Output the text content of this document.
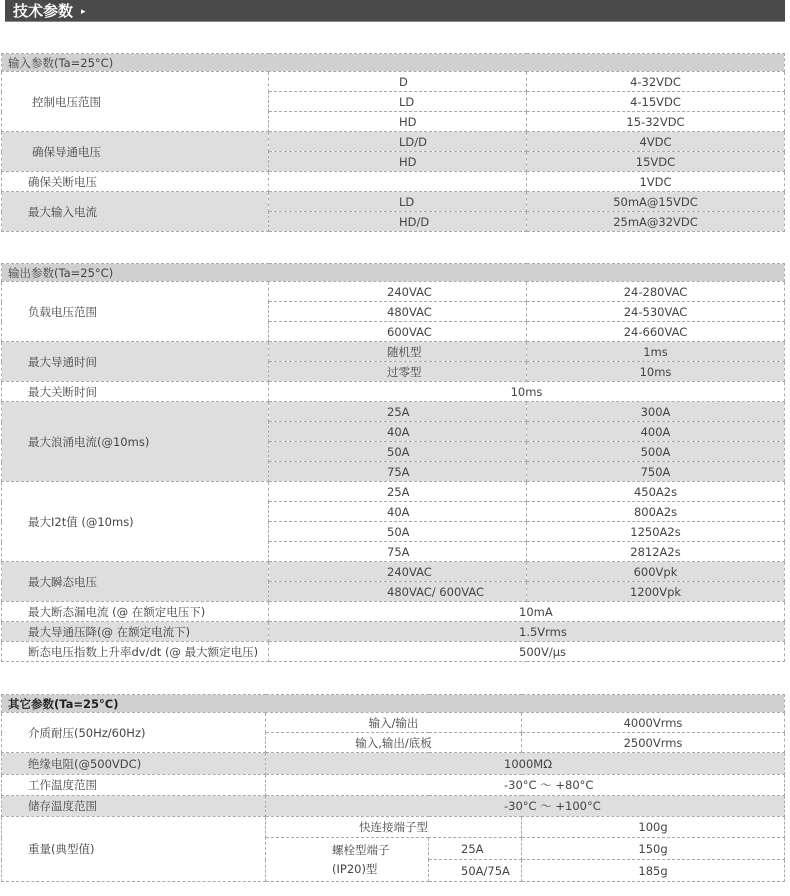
技术参数 ▸
输入参数(Ta=25°C)		
控制电压范围	D	4-32VDC
	LD	4-15VDC
	HD	15-32VDC
确保导通电压	LD/D	4VDC
	HD	15VDC
确保关断电压		1VDC
最大输入电流	LD	50mA@15VDC
	HD/D	25mA@32VDC
输出参数(Ta=25°C)		
负载电压范围	240VAC	24-280VAC
	480VAC	24-530VAC
	600VAC	24-660VAC
最大导通时间	随机型	1ms
	过零型	10ms
最大关断时间	10ms	
最大浪涌电流(@10ms)	25A	300A
	40A	400A
	50A	500A
	75A	750A
最大I2t值 (@10ms)	25A	450A2s
	40A	800A2s
	50A	1250A2s
	75A	2812A2s
最大瞬态电压	240VAC	600Vpk
	480VAC/ 600VAC	1200Vpk
最大断态漏电流 (@ 在额定电压下)	10mA	
最大导通压降(@ 在额定电流下)	1.5Vrms	
断态电压指数上升率dv/dt (@ 最大额定电压)	500V/µs	
其它参数(Ta=25°C)			
介质耐压(50Hz/60Hz)	输入/输出		4000Vrms
	输入,输出/底板		2500Vrms
绝缘电阻(@500VDC)	1000MΩ		
工作温度范围	-30°C ～ +80°C		
储存温度范围	-30°C ～ +100°C		
重量(典型值)	快连接端子型		100g

	螺栓型端子
(IP20)型	25A	150g
		50A/75A	185g
